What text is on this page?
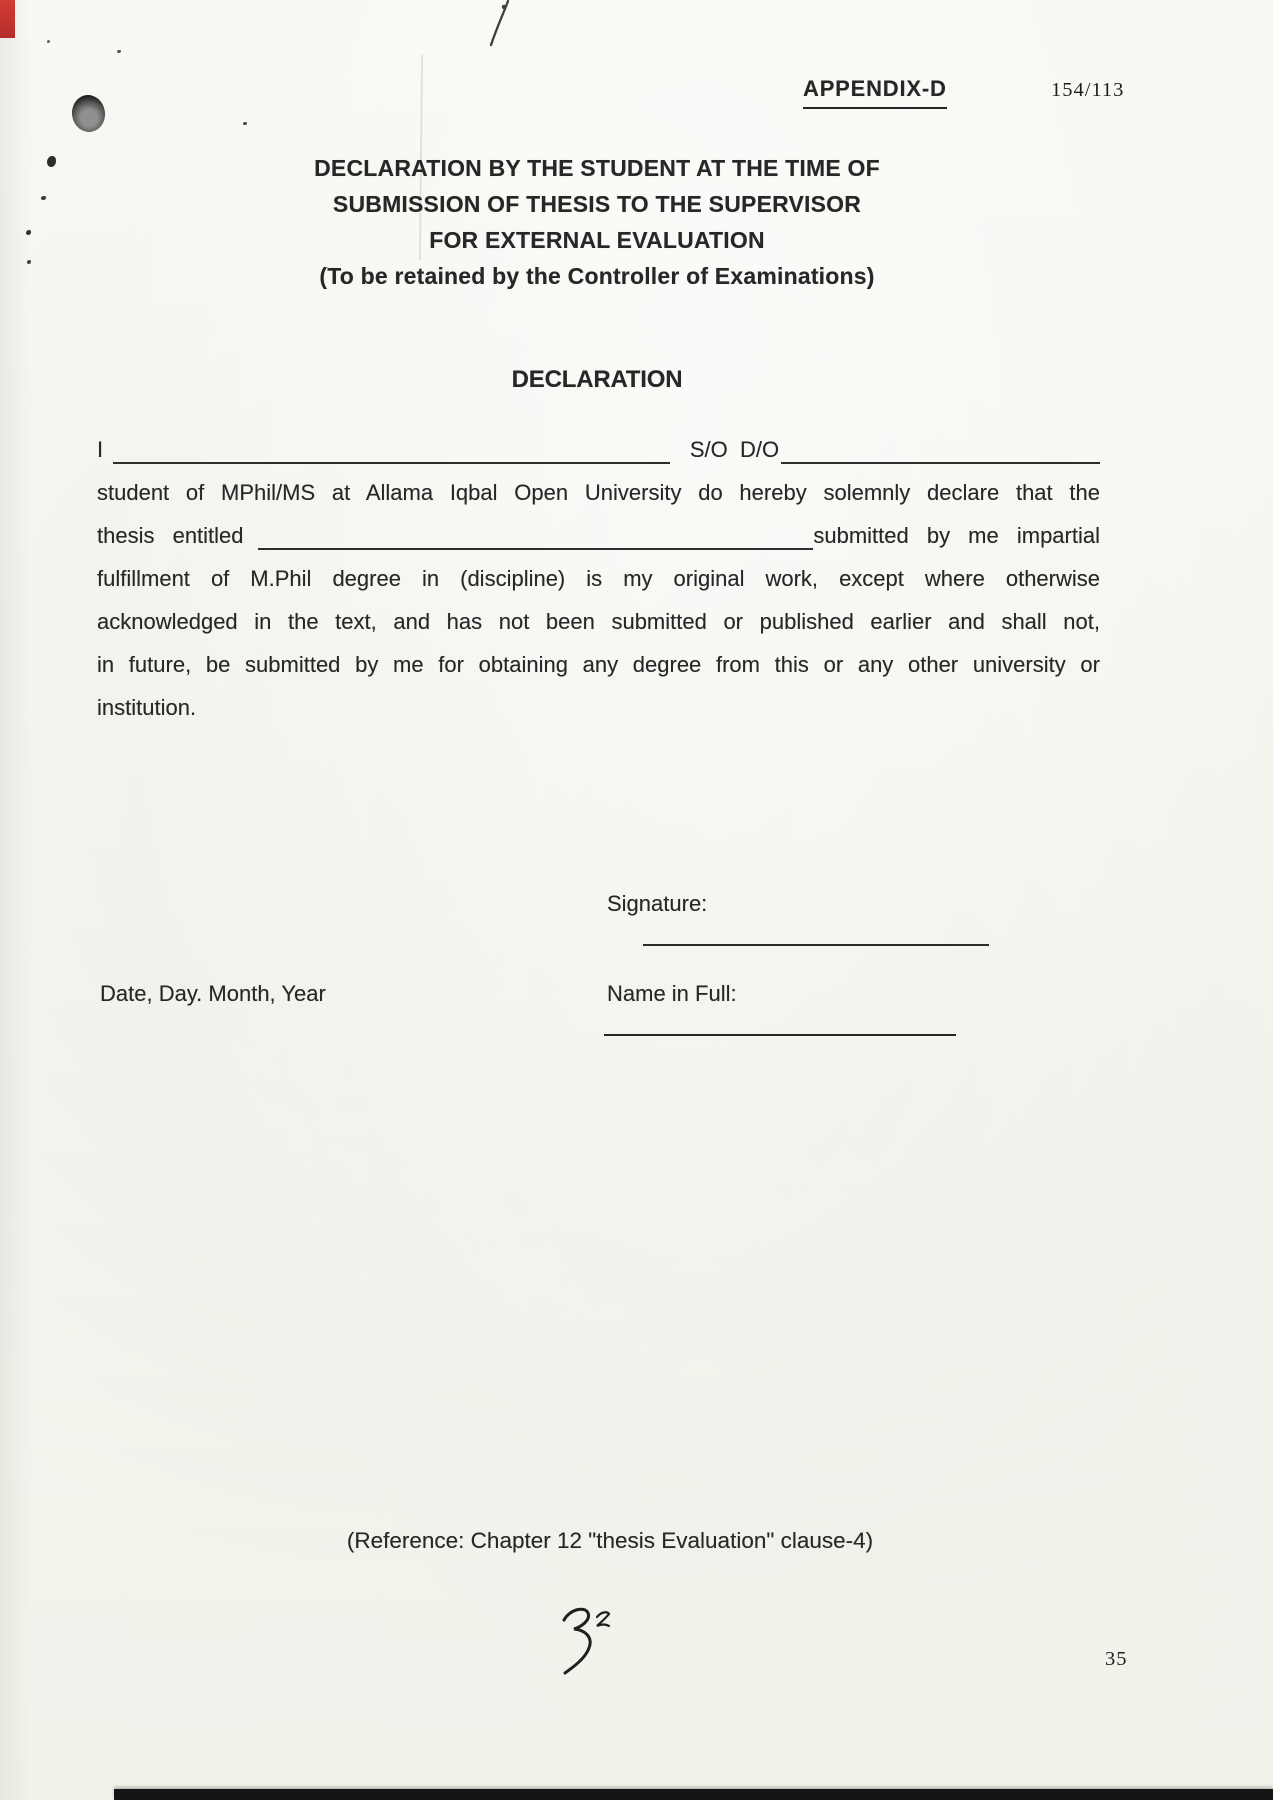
APPENDIX-D	154/113
DECLARATION BY THE STUDENT AT THE TIME OF
SUBMISSION OF THESIS TO THE SUPERVISOR
FOR EXTERNAL EVALUATION
(To be retained by the Controller of Examinations)
DECLARATION
I	S/O  D/O
student of MPhil/MS at Allama Iqbal Open University do hereby solemnly declare that the
thesis entitled	submitted by me impartial
fulfillment of M.Phil degree in (discipline) is my original work, except where otherwise
acknowledged in the text, and has not been submitted or published earlier and shall not,
in future, be submitted by me for obtaining any degree from this or any other university or
institution.
Signature:
Date, Day. Month, Year	Name in Full:
(Reference: Chapter 12 "thesis Evaluation" clause-4)
35
